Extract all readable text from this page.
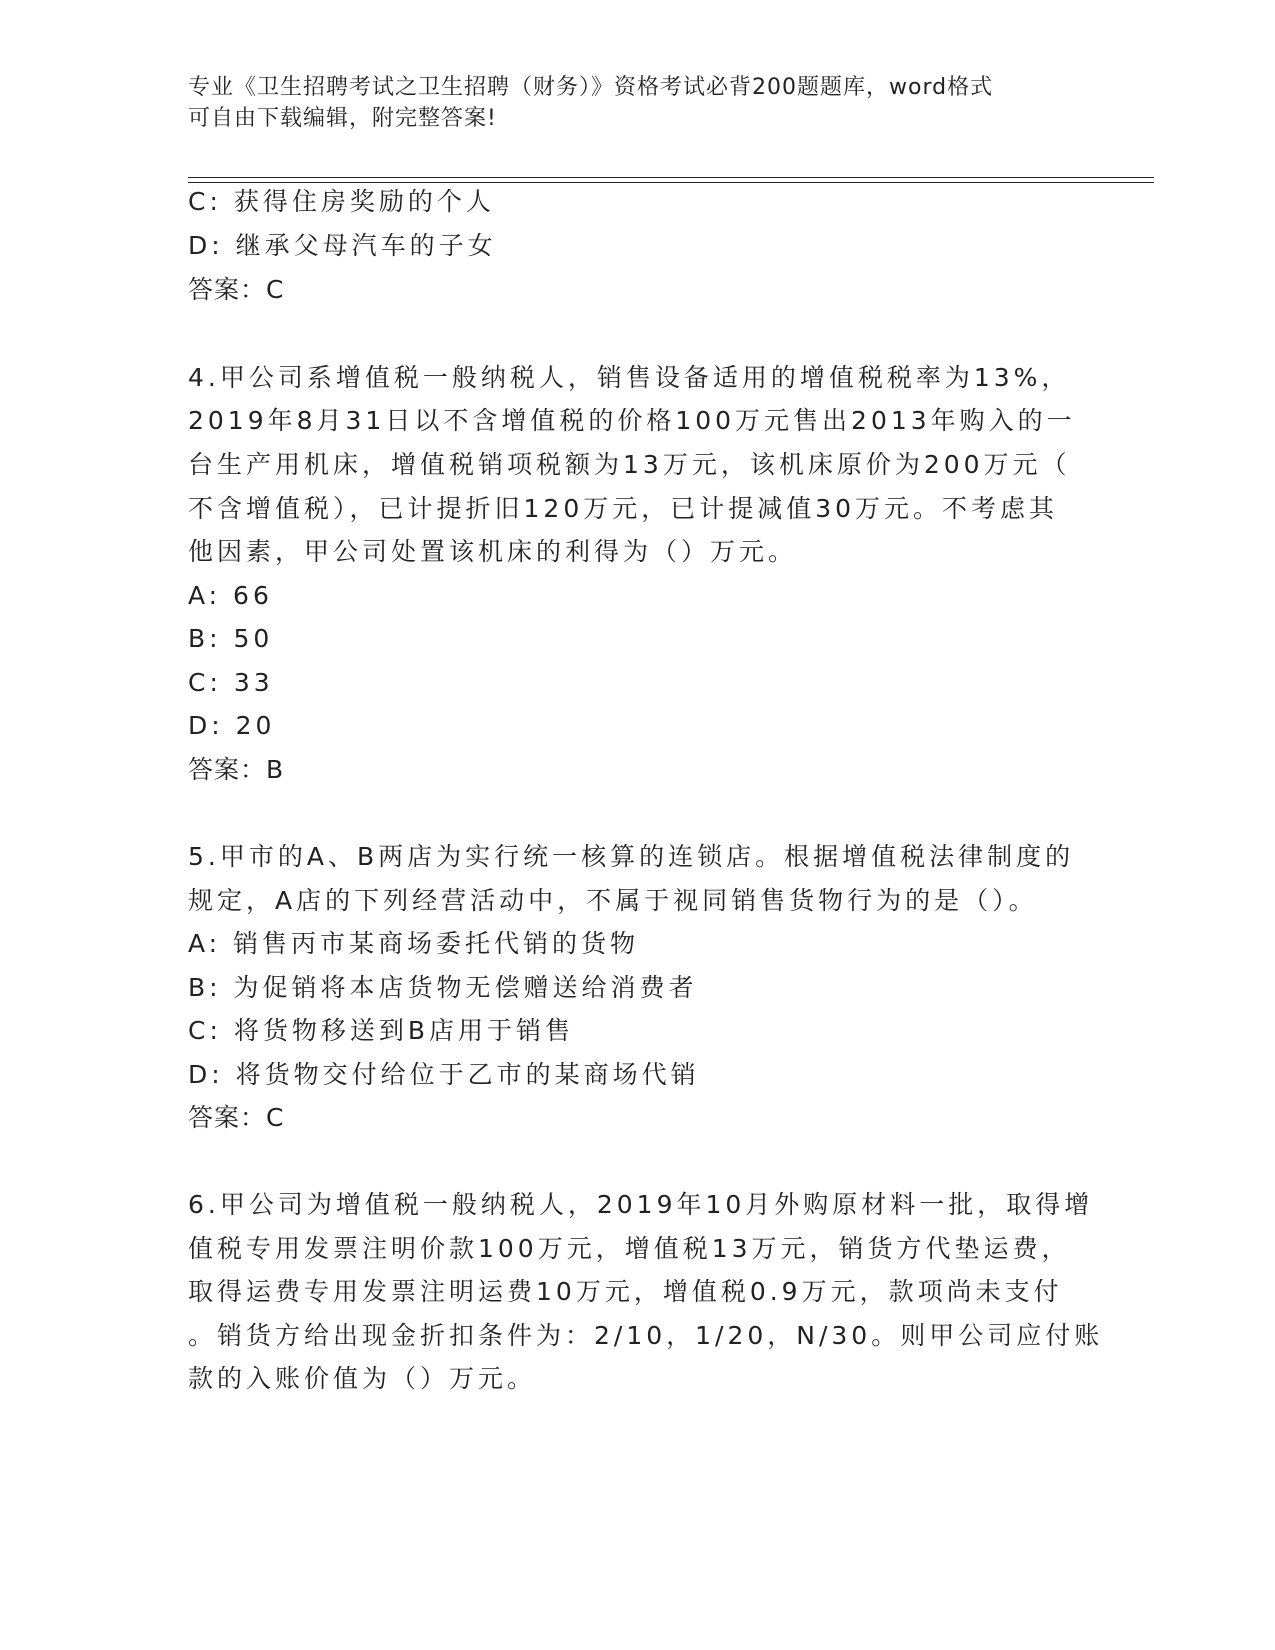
专业《卫生招聘考试之卫生招聘（财务）》资格考试必背200题题库，word格式
可自由下载编辑，附完整答案!
C: 获得住房奖励的个人
D: 继承父母汽车的子女
答案：C
4.甲公司系增值税一般纳税人，销售设备适用的增值税税率为13%，
2019年8月31日以不含增值税的价格100万元售出2013年购入的一
台生产用机床，增值税销项税额为13万元，该机床原价为200万元（
不含增值税），已计提折旧120万元，已计提减值30万元。不考虑其
他因素，甲公司处置该机床的利得为（）万元。
A: 66
B: 50
C: 33
D: 20
答案：B
5.甲市的A、B两店为实行统一核算的连锁店。根据增值税法律制度的
规定，A店的下列经营活动中，不属于视同销售货物行为的是（）。
A: 销售丙市某商场委托代销的货物
B: 为促销将本店货物无偿赠送给消费者
C: 将货物移送到B店用于销售
D: 将货物交付给位于乙市的某商场代销
答案：C
6.甲公司为增值税一般纳税人，2019年10月外购原材料一批，取得增
值税专用发票注明价款100万元，增值税13万元，销货方代垫运费，
取得运费专用发票注明运费10万元，增值税0.9万元，款项尚未支付
。销货方给出现金折扣条件为：2/10，1/20，N/30。则甲公司应付账
款的入账价值为（）万元。
